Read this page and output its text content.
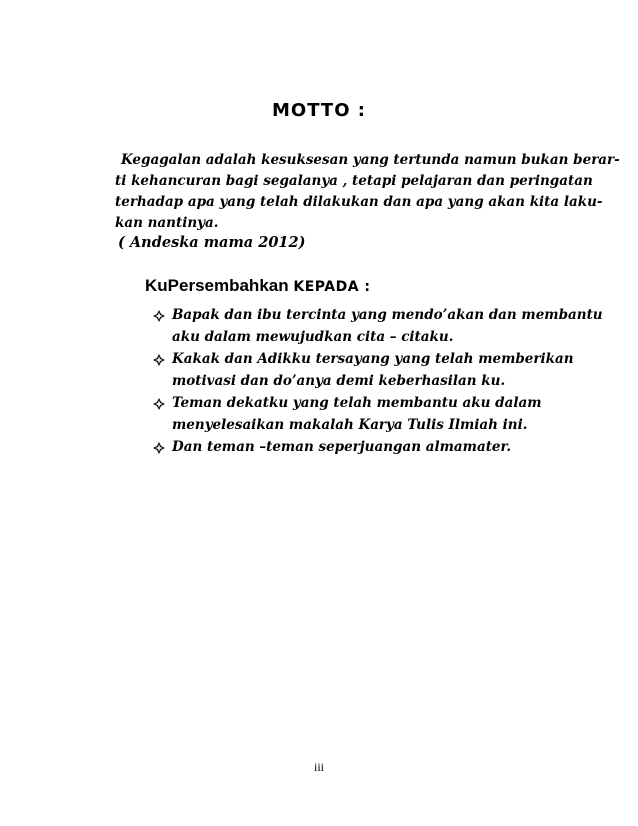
MOTTO :
Kegagalan adalah kesuksesan yang tertunda namun bukan berar-
ti kehancuran bagi segalanya , tetapi pelajaran dan peringatan
terhadap apa yang telah dilakukan dan apa yang akan kita laku-
kan nantinya.
( Andeska mama 2012)
KuPersembahkan KEPADA :
Bapak dan ibu tercinta yang mendo’akan dan membantu
aku dalam mewujudkan cita – citaku.
Kakak dan Adikku tersayang yang telah memberikan
motivasi dan do’anya demi keberhasilan ku.
Teman dekatku yang telah membantu aku dalam
menyelesaikan makalah Karya Tulis Ilmiah ini.
Dan teman –teman seperjuangan almamater.
iii
